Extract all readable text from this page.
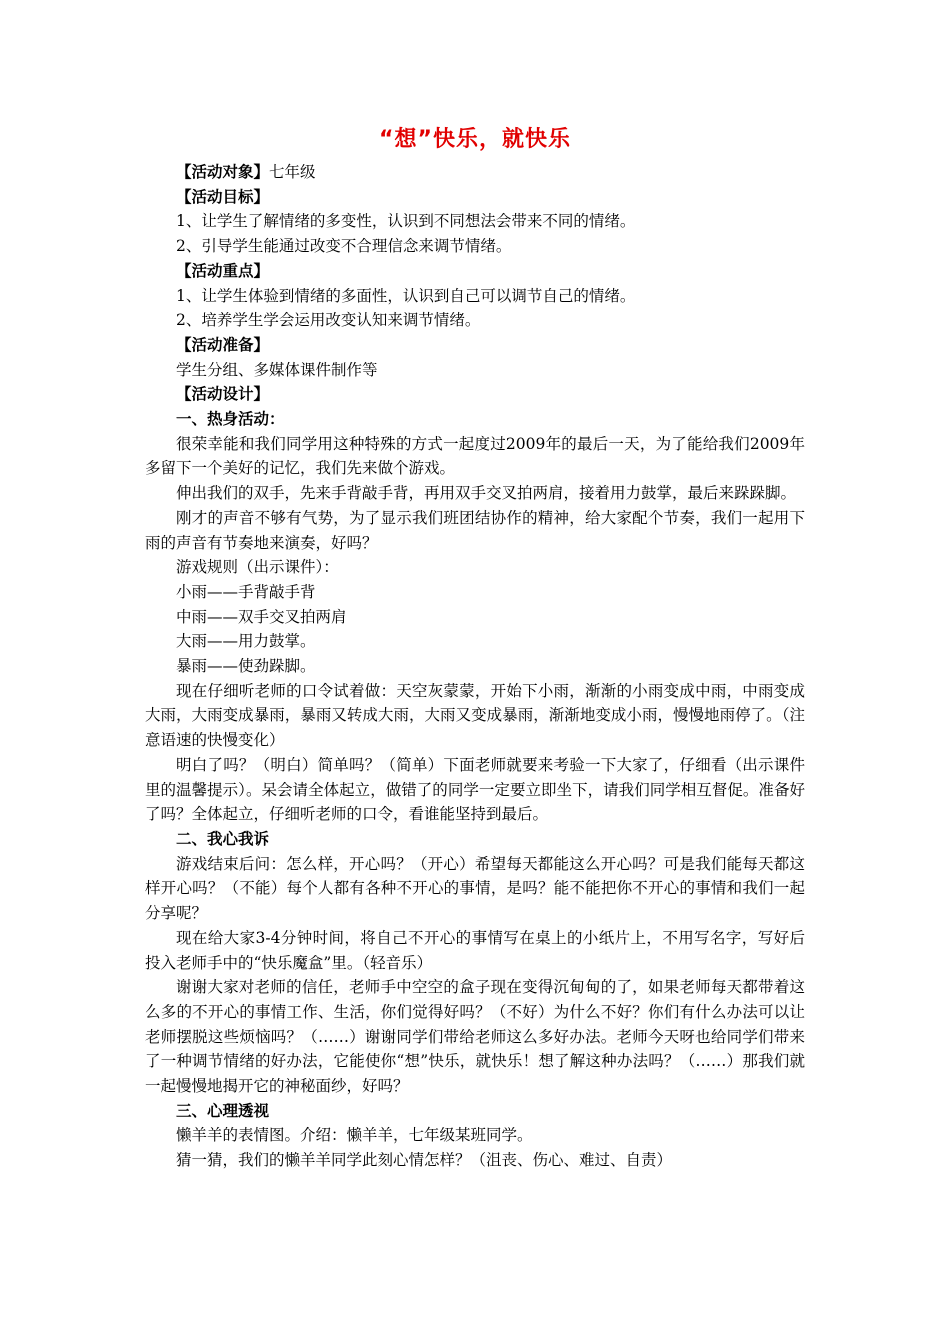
“想”快乐，就快乐

【活动对象】七年级

【活动目标】

1、让学生了解情绪的多变性，认识到不同想法会带来不同的情绪。

2、引导学生能通过改变不合理信念来调节情绪。

【活动重点】

1、让学生体验到情绪的多面性，认识到自己可以调节自己的情绪。

2、培养学生学会运用改变认知来调节情绪。

【活动准备】

学生分组、多媒体课件制作等

【活动设计】

一、热身活动：

很荣幸能和我们同学用这种特殊的方式一起度过2009年的最后一天，为了能给我们2009年多留下一个美好的记忆，我们先来做个游戏。

伸出我们的双手，先来手背敲手背，再用双手交叉拍两肩，接着用力鼓掌，最后来跺跺脚。

刚才的声音不够有气势，为了显示我们班团结协作的精神，给大家配个节奏，我们一起用下雨的声音有节奏地来演奏，好吗？

游戏规则（出示课件）：

小雨——手背敲手背

中雨——双手交叉拍两肩

大雨——用力鼓掌。

暴雨——使劲跺脚。

现在仔细听老师的口令试着做：天空灰蒙蒙，开始下小雨，渐渐的小雨变成中雨，中雨变成大雨，大雨变成暴雨，暴雨又转成大雨，大雨又变成暴雨，渐渐地变成小雨，慢慢地雨停了。（注意语速的快慢变化）

明白了吗？（明白）简单吗？（简单）下面老师就要来考验一下大家了，仔细看（出示课件里的温馨提示）。呆会请全体起立，做错了的同学一定要立即坐下，请我们同学相互督促。准备好了吗？全体起立，仔细听老师的口令，看谁能坚持到最后。

二、我心我诉

游戏结束后问：怎么样，开心吗？（开心）希望每天都能这么开心吗？可是我们能每天都这样开心吗？（不能）每个人都有各种不开心的事情，是吗？能不能把你不开心的事情和我们一起分享呢？

现在给大家3-4分钟时间，将自己不开心的事情写在桌上的小纸片上，不用写名字，写好后投入老师手中的“快乐魔盒”里。（轻音乐）

谢谢大家对老师的信任，老师手中空空的盒子现在变得沉甸甸的了，如果老师每天都带着这么多的不开心的事情工作、生活，你们觉得好吗？（不好）为什么不好？你们有什么办法可以让老师摆脱这些烦恼吗？（……）谢谢同学们带给老师这么多好办法。老师今天呀也给同学们带来了一种调节情绪的好办法，它能使你“想”快乐，就快乐！想了解这种办法吗？（……）那我们就一起慢慢地揭开它的神秘面纱，好吗？

三、心理透视

懒羊羊的表情图。介绍：懒羊羊，七年级某班同学。

猜一猜，我们的懒羊羊同学此刻心情怎样？（沮丧、伤心、难过、自责）
